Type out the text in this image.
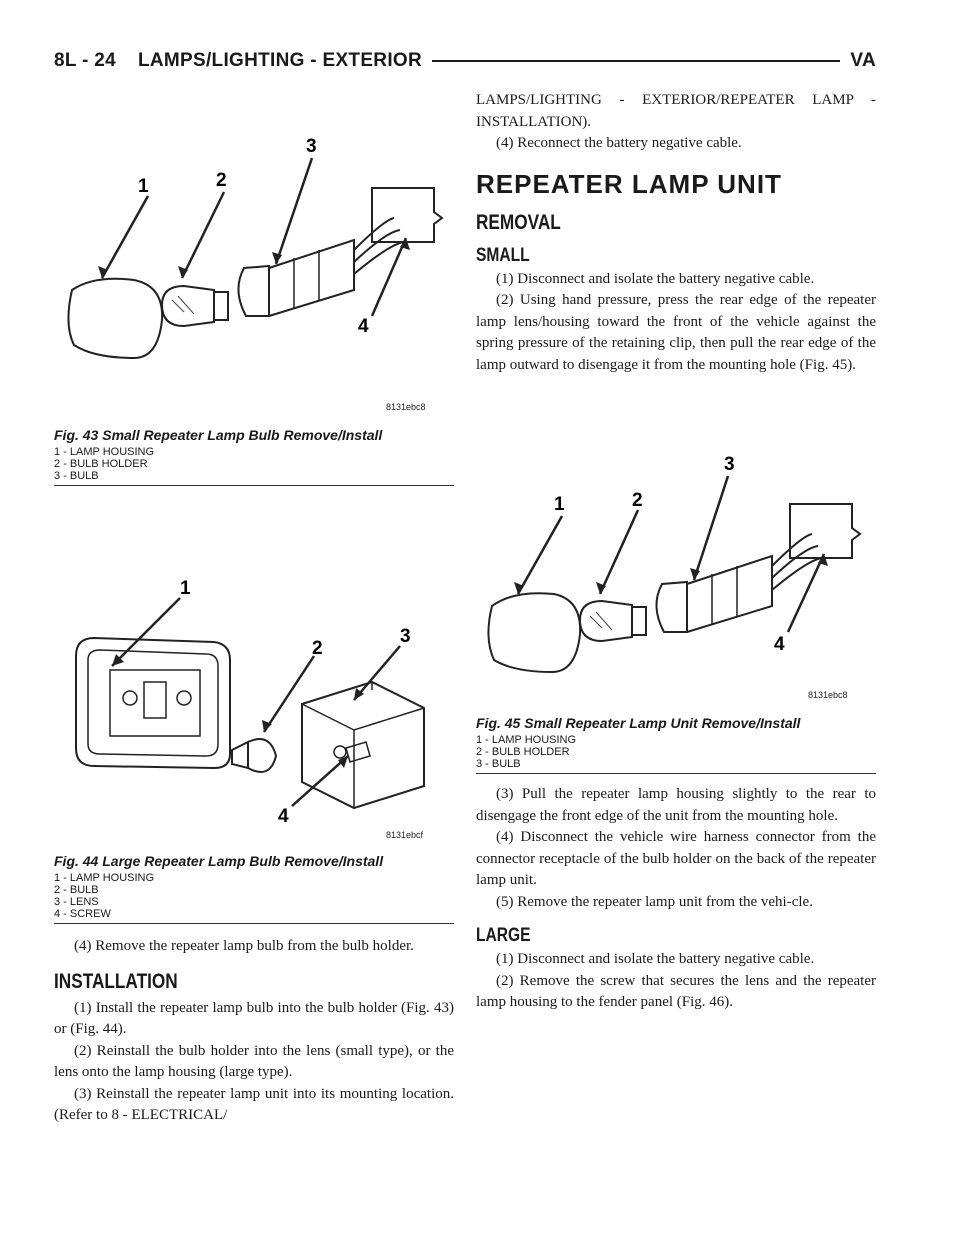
8L - 24 LAMPS/LIGHTING - EXTERIOR	VA
1	2
3
4
8131ebc8
Fig. 43 Small Repeater Lamp Bulb Remove/Install
1 - LAMP HOUSING
2 - BULB HOLDER
3 - BULB
1
2
3
4
8131ebcf
Fig. 44 Large Repeater Lamp Bulb Remove/Install
1 - LAMP HOUSING
2 - BULB
3 - LENS
4 - SCREW

(4) Remove the repeater lamp bulb from the bulb holder.

INSTALLATION

(1) Install the repeater lamp bulb into the bulb holder (Fig. 43) or (Fig. 44).

(2) Reinstall the bulb holder into the lens (small type), or the lens onto the lamp housing (large type).

(3) Reinstall the repeater lamp unit into its mounting location. (Refer to 8 - ELECTRICAL/

LAMPS/LIGHTING - EXTERIOR/REPEATER LAMP - INSTALLATION).

(4) Reconnect the battery negative cable.

REPEATER LAMP UNIT
REMOVAL
SMALL

(1) Disconnect and isolate the battery negative cable.

(2) Using hand pressure, press the rear edge of the repeater lamp lens/housing toward the front of the vehicle against the spring pressure of the retaining clip, then pull the rear edge of the lamp outward to disengage it from the mounting hole (Fig. 45).

1	2
3
4
8131ebc8
Fig. 45 Small Repeater Lamp Unit Remove/Install
1 - LAMP HOUSING
2 - BULB HOLDER
3 - BULB

(3) Pull the repeater lamp housing slightly to the rear to disengage the front edge of the unit from the mounting hole.

(4) Disconnect the vehicle wire harness connector from the connector receptacle of the bulb holder on the back of the repeater lamp unit.

(5) Remove the repeater lamp unit from the vehi-cle.

LARGE

(1) Disconnect and isolate the battery negative cable.

(2) Remove the screw that secures the lens and the repeater lamp housing to the fender panel (Fig. 46).
